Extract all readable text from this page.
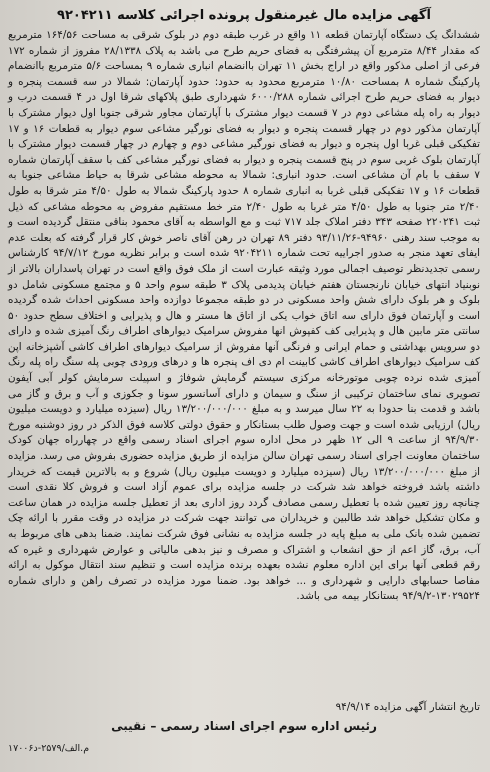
آگهی مزایده مال غیرمنقول پرونده اجرائی کلاسه ۹۲۰۴۲۱۱

ششدانگ یک دستگاه آپارتمان قطعه ۱۱ واقع در غرب طبقه دوم در بلوک شرقی به مساحت ۱۶۴/۵۶ مترمربع که مقدار ۸/۴۴ مترمربع آن پیشرفتگی به فضای حریم طرح می باشد به پلاک ۲۸/۱۳۳۸ مفروز از شماره ۱۷۲ فرعی از اصلی مذکور واقع در اراج بخش ۱۱ تهران باانضمام انباری شماره ۹ بمساحت ۵/۶ مترمربع باانضمام پارکینگ شماره ۸ بمساحت ۱۰/۸۰ مترمربع محدود به حدود: حدود آپارتمان: شمالا در سه قسمت پنجره و دیوار به فضای حریم طرح اجرائی شماره ۶۰۰۰/۲۸۸ شهرداری طبق پلاکهای شرقا اول در ۴ قسمت درب و دیوار به راه پله مشاعی دوم در ۷ قسمت دیوار مشترک با آپارتمان مجاور شرقی جنوبا اول دیوار مشترک با آپارتمان مذکور دوم در چهار قسمت پنجره و دیوار به فضای نورگیر مشاعی سوم دیوار به قطعات ۱۶ و ۱۷ تفکیکی قبلی غربا اول پنجره و دیوار به فضای نورگیر مشاعی دوم و چهارم در چهار قسمت دیوار مشترک با آپارتمان بلوک غربی سوم در پنج قسمت پنجره و دیوار به فضای نورگیر مشاعی کف با سقف آپارتمان شماره ۷ سقف با بام آن مشاعی است. حدود انباری: شمالا به محوطه مشاعی شرقا به حیاط مشاعی جنوبا به قطعات ۱۶ و ۱۷ تفکیکی قبلی غربا به انباری شماره ۸ حدود پارکینگ شمالا به طول ۴/۵۰ متر شرقا به طول ۲/۴۰ متر جنوبا به طول ۴/۵۰ متر غربا به طول ۲/۴۰ متر خط مستقیم مفروض به محوطه مشاعی که ذیل ثبت ۲۲۰۲۴۱ صفحه ۳۴۳ دفتر املاک جلد ۷۱۷ ثبت و مع الواسطه به آقای محمود بناقی منتقل گردیده است و به موجب سند رهنی ۹۴۹۶۰-۹۳/۱۱/۲۶ دفتر ۸۹ تهران در رهن آقای ناصر خوش کار قرار گرفته که بعلت عدم ایفای تعهد منجر به صدور اجراییه تحت شماره ۹۲۰۴۲۱۱ شده است و برابر نظریه مورخ ۹۴/۷/۱۲ کارشناس رسمی تجدیدنظر توصیف اجمالی مورد وثیقه عبارت است از ملک فوق واقع است در تهران پاسداران بالاتر از نوبنیاد انتهای خیابان نارنجستان هفتم خیابان پدیدمی پلاک ۳ طبقه سوم واحد ۵ و مجتمع مسکونی شامل دو بلوک و هر بلوک دارای شش واحد مسکونی در دو طبقه مجموعا دوازده واحد مسکونی احداث شده گردیده است و آپارتمان فوق دارای سه اتاق خواب یکی از اتاق ها مستر و هال و پذیرایی و اختلاف سطح حدود ۵۰ سانتی متر مابین هال و پذیرایی کف کفپوش انها مفروش سرامیک دیوارهای اطراف رنگ آمیزی شده و دارای دو سرویس بهداشتی و حمام ایرانی و فرنگی آنها مفروش از سرامیک دیوارهای اطراف کاشی آشپزخانه اپن کف سرامیک دیوارهای اطراف کاشی کابینت ام دی اف پنجره ها و درهای ورودی چوبی پله سنگ راه پله رنگ آمیزی شده نرده چوبی موتورخانه مرکزی سیستم گرمایش شوفاژ و اسپیلت سرمایش کولر آبی آیفون تصویری نمای ساختمان ترکیبی از سنگ و سیمان و دارای آسانسور سونا و جکوزی و آب و برق و گاز می باشد و قدمت بنا حدودا به ۲۲ سال میرسد و به مبلغ ۱۳/۲۰۰/۰۰۰/۰۰۰ ریال (سیزده میلیارد و دویست میلیون ریال) ارزیابی شده است و جهت وصول طلب بستانکار و حقوق دولتی کلاسه فوق الذکر در روز دوشنبه مورخ ۹۴/۹/۳۰ از ساعت ۹ الی ۱۲ ظهر در محل اداره سوم اجرای اسناد رسمی واقع در چهارراه جهان کودک ساختمان معاونت اجرای اسناد رسمی تهران سالن مزایده از طریق مزایده حضوری بفروش می رسد. مزایده از مبلغ ۱۳/۲۰۰/۰۰۰/۰۰۰ ریال (سیزده میلیارد و دویست میلیون ریال) شروع و به بالاترین قیمت که خریدار داشته باشد فروخته خواهد شد شرکت در جلسه مزایده برای عموم آزاد است و فروش کلا نقدی است چنانچه روز تعیین شده با تعطیل رسمی مصادف گردد روز اداری بعد از تعطیل جلسه مزایده در همان ساعت و مکان تشکیل خواهد شد طالبین و خریداران می توانند جهت شرکت در مزایده در وقت مقرر با ارائه چک تضمین شده بانک ملی به مبلغ پایه در جلسه مزایده به نشانی فوق شرکت نمایند. ضمنا بدهی های مربوط به آب، برق، گاز اعم از حق انشعاب و اشتراک و مصرف و نیز بدهی مالیاتی و عوارض شهرداری و غیره که رقم قطعی آنها برای این اداره معلوم نشده بعهده برنده مزایده است و تنظیم سند انتقال موکول به ارائه مفاصا حسابهای دارایی و شهرداری و ... خواهد بود. ضمنا مورد مزایده در تصرف راهن و دارای شماره ۱۳۰۲۹۵۲۴-۹۴/۹/۲ بستانکار بیمه می باشد.

تاریخ انتشار آگهی مزایده ۹۴/۹/۱۴
رئیس اداره سوم اجرای اسناد رسمی – نقیبی
۱۷۰۰۶م.الف/۲۵۷۹-د
